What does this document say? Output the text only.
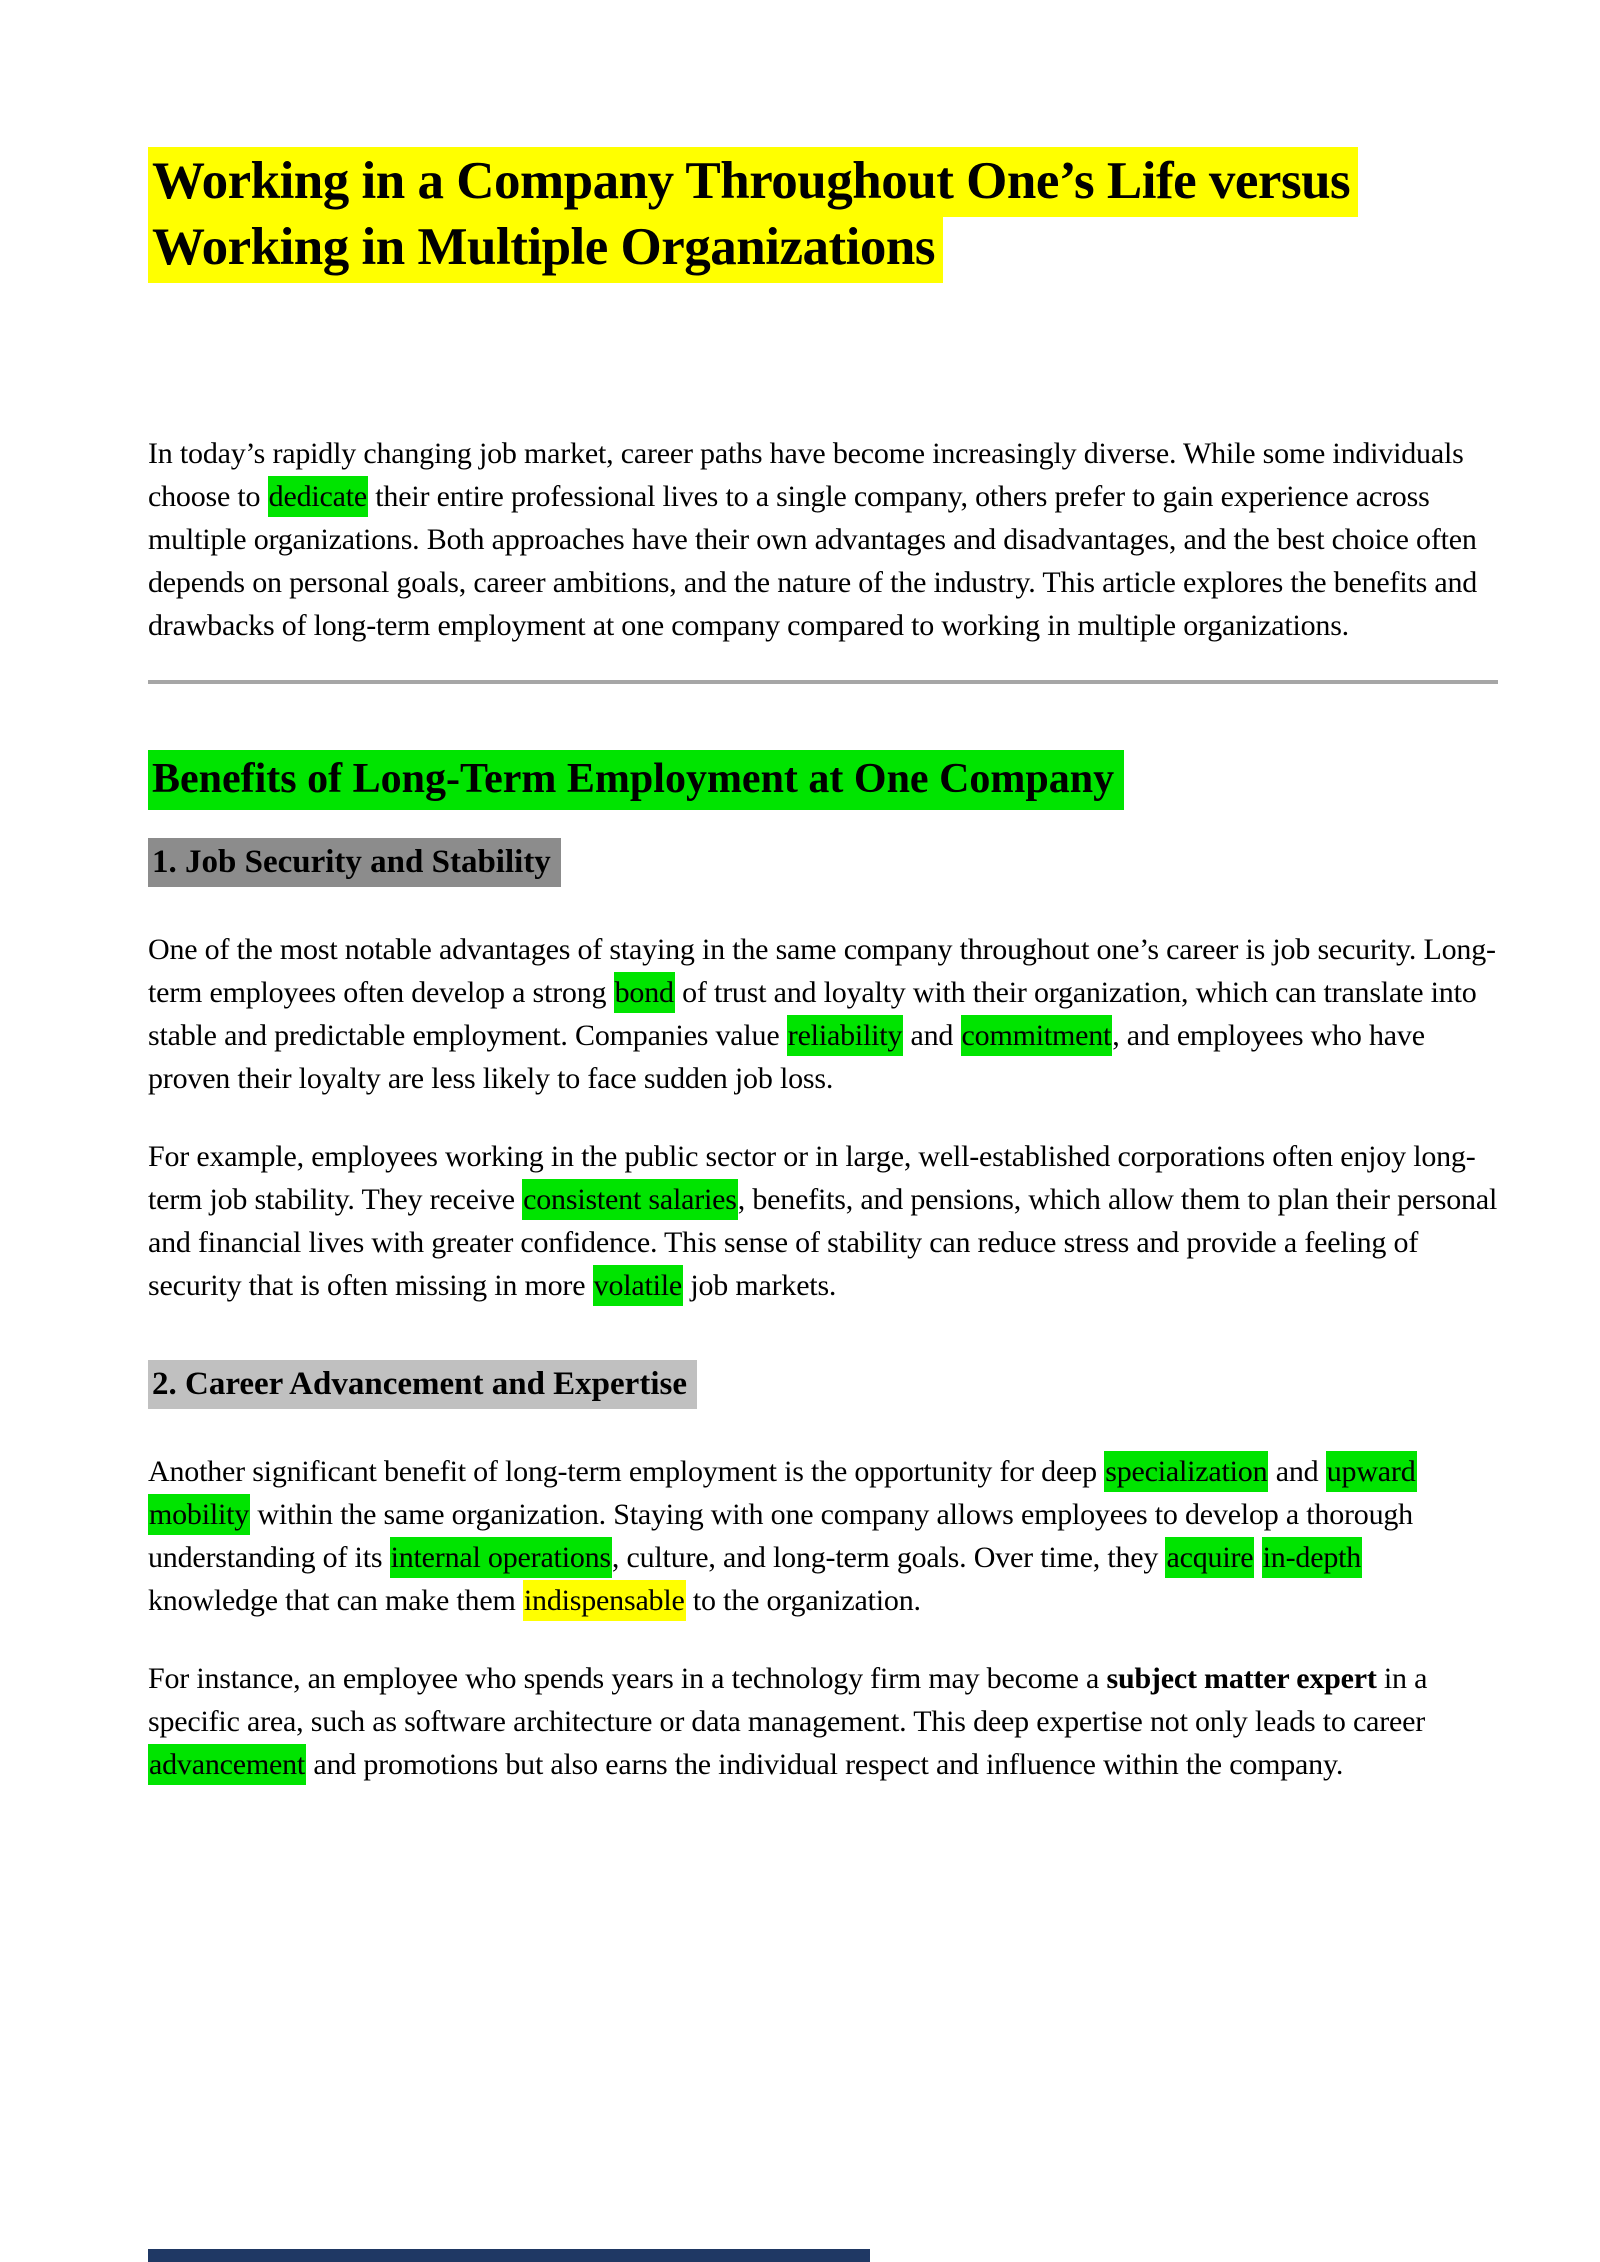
Working in a Company Throughout One’s Life versus Working in Multiple Organizations

In today’s rapidly changing job market, career paths have become increasingly diverse. While some individuals choose to dedicate their entire professional lives to a single company, others prefer to gain experience across multiple organizations. Both approaches have their own advantages and disadvantages, and the best choice often depends on personal goals, career ambitions, and the nature of the industry. This article explores the benefits and drawbacks of long-term employment at one company compared to working in multiple organizations.

Benefits of Long-Term Employment at One Company
1. Job Security and Stability

One of the most notable advantages of staying in the same company throughout one’s career is job security. Long-term employees often develop a strong bond of trust and loyalty with their organization, which can translate into stable and predictable employment. Companies value reliability and commitment, and employees who have proven their loyalty are less likely to face sudden job loss.

For example, employees working in the public sector or in large, well-established corporations often enjoy long-term job stability. They receive consistent salaries, benefits, and pensions, which allow them to plan their personal and financial lives with greater confidence. This sense of stability can reduce stress and provide a feeling of security that is often missing in more volatile job markets.

2. Career Advancement and Expertise

Another significant benefit of long-term employment is the opportunity for deep specialization and upward mobility within the same organization. Staying with one company allows employees to develop a thorough understanding of its internal operations, culture, and long-term goals. Over time, they acquire in-depth knowledge that can make them indispensable to the organization.

For instance, an employee who spends years in a technology firm may become a subject matter expert in a specific area, such as software architecture or data management. This deep expertise not only leads to career advancement and promotions but also earns the individual respect and influence within the company.
